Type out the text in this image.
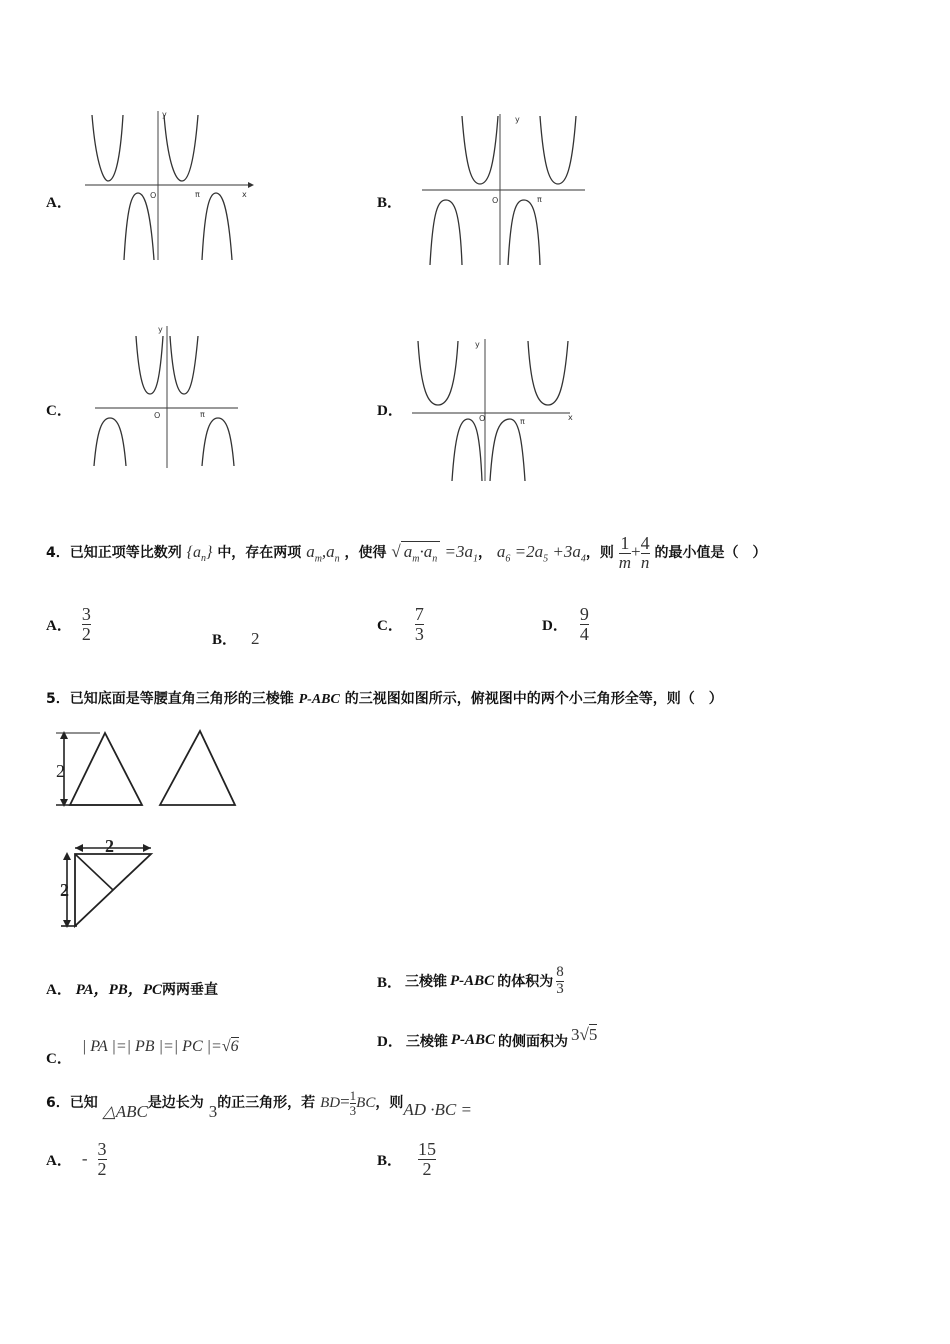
A．
y
x
O	π
B．
y
O	π
C．
y
O	π	D．
y
x
O	π
4．已知正项等比数列 $\{a_n\}$ 中，存在两项 $a_m,a_n$ ，使得 √ $a_m\cdot a_n =3a_1$， $a_6 =2a_5 +3a_4$，则 $\frac{1}{m} + \frac{4}{n}$ 的最小值是（　）
A． $\frac{3}{2}$	B． 2
C． $\frac{7}{3}$	D． $\frac{9}{4}$
5．已知底面是等腰直角三角形的三棱锥 P-ABC 的三视图如图所示，俯视图中的两个小三角形全等，则（　）
2
2
2
A． PA，PB，PC两两垂直	B． 三棱锥 P-ABC 的体积为 $\frac{8}{3}$
C．
| PA |=| PB |=| PC |=√6	D． 三棱锥 P-ABC 的侧面积为 3√5
6．已知 △ABC是边长为 3的正三角形，若 $BD= \frac{1}{3}$ BC，则AD ·BC =
A． - $\frac{3}{2}$	B． $\frac{15}{2}$
